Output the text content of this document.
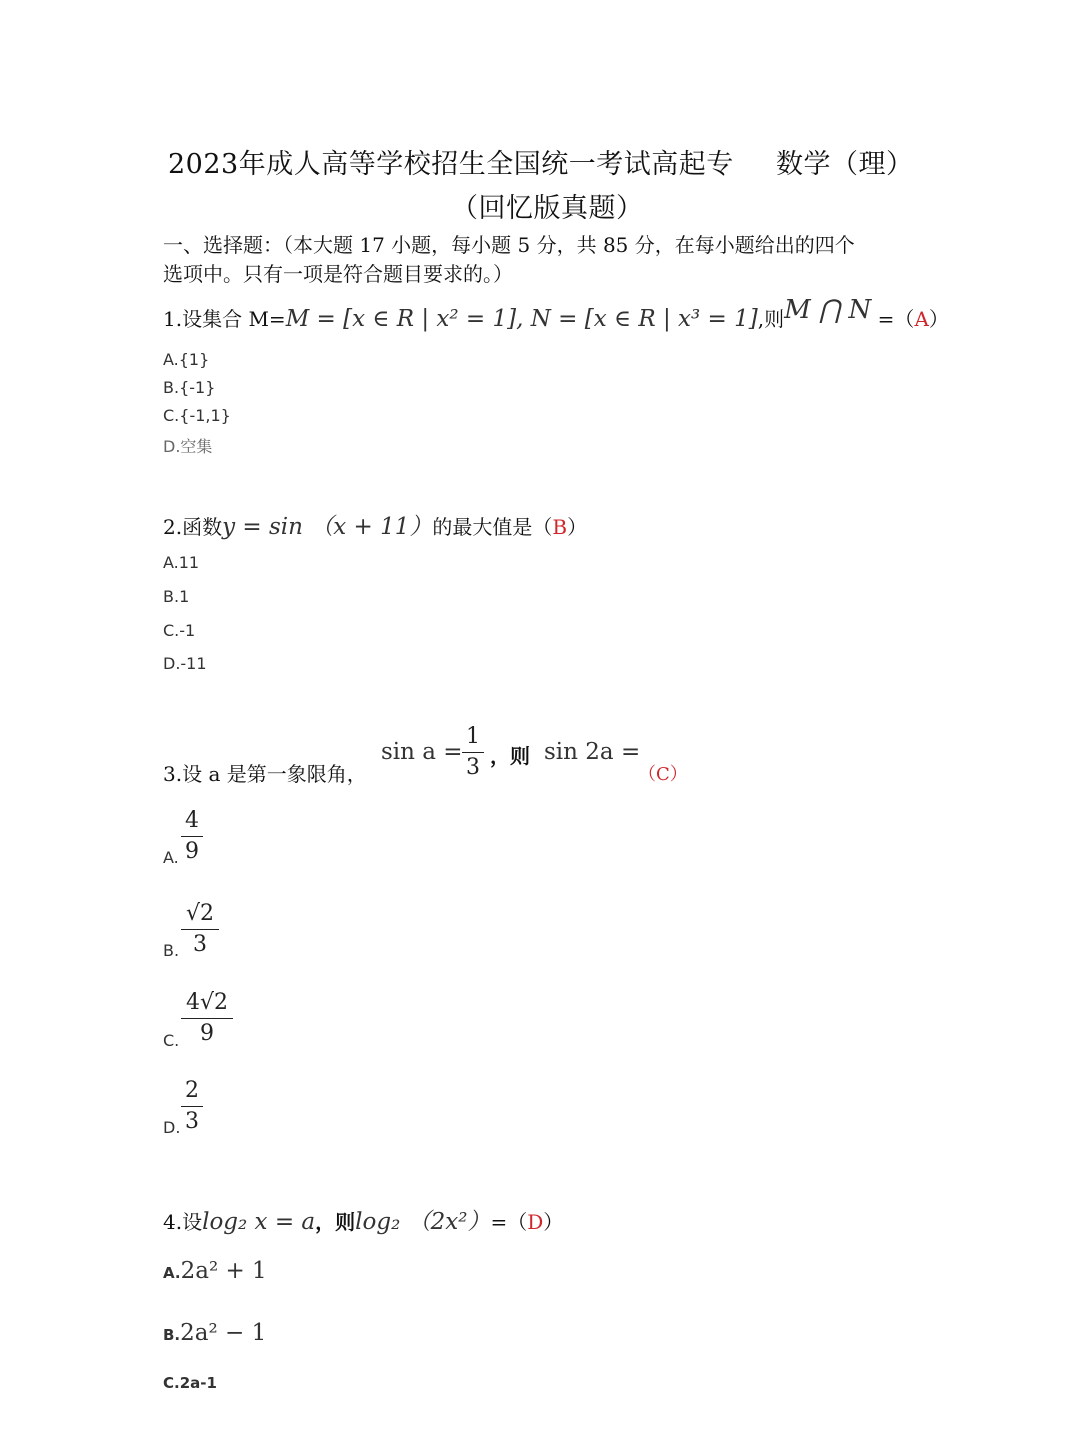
2023年成人高等学校招生全国统一考试高起专 数学（理）
（回忆版真题）
一、选择题：（本大题 17 小题，每小题 5 分，共 85 分，在每小题给出的四个
选项中。只有一项是符合题目要求的。）
1.设集合 M=M = [x ∈ R | x² = 1], N = [x ∈ R | x³ = 1],则M ⋂ N =（A）
A.{1}
B.{-1}
C.{-1,1}
D.空集
2.函数y = sin （x + 11）的最大值是（B）
A.11
B.1
C.-1
D.-11
3.设 a 是第一象限角，
sin a =
1
3 ，则 sin 2a =
（C）
A.
4
9
B.
√2
3
C.
4√2
9
D.
2
3
4.设log₂ x = a，则log₂ （2x²）=（D）
A.2a² + 1
B.2a² − 1
C.2a-1
